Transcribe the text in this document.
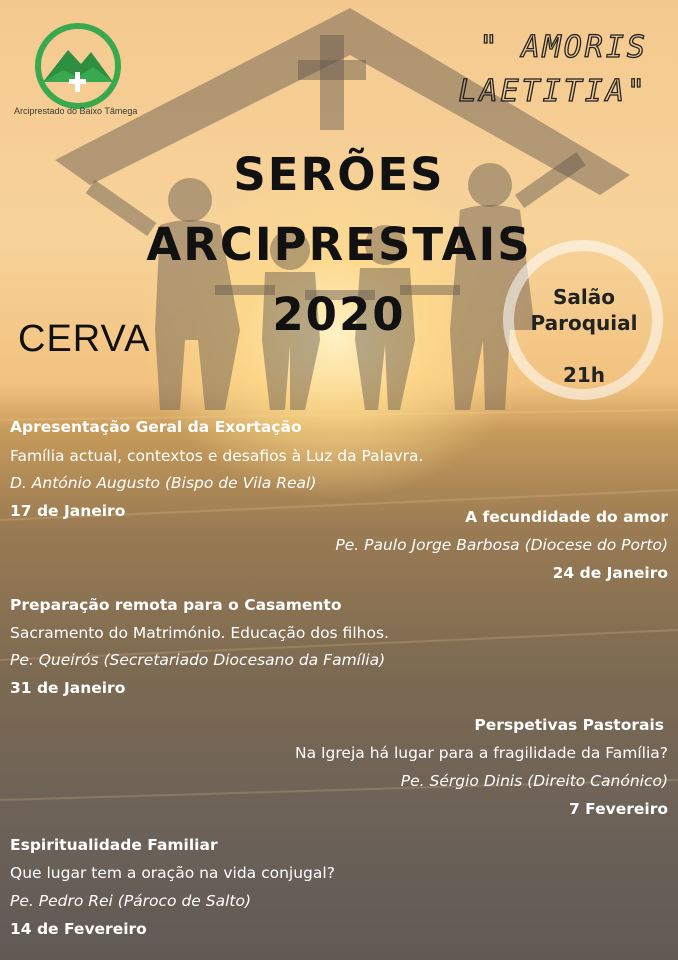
Arciprestado do Baixo Tâmega
" AMORIS
LAETITIA"
SERÕES
ARCIPRESTAIS
2020
CERVA
Salão
Paroquial
21h
Apresentação Geral da Exortação
Família actual, contextos e desafios à Luz da Palavra.
D. António Augusto (Bispo de Vila Real)
17 de Janeiro	A fecundidade do amor
Pe. Paulo Jorge Barbosa (Diocese do Porto)
24 de Janeiro
Preparação remota para o Casamento
Sacramento do Matrimónio. Educação dos filhos.
Pe. Queirós (Secretariado Diocesano da Família)
31 de Janeiro
Perspetivas Pastorais
Na Igreja há lugar para a fragilidade da Família?
Pe. Sérgio Dinis (Direito Canónico)
7 Fevereiro
Espiritualidade Familiar
Que lugar tem a oração na vida conjugal?
Pe. Pedro Rei (Pároco de Salto)
14 de Fevereiro
